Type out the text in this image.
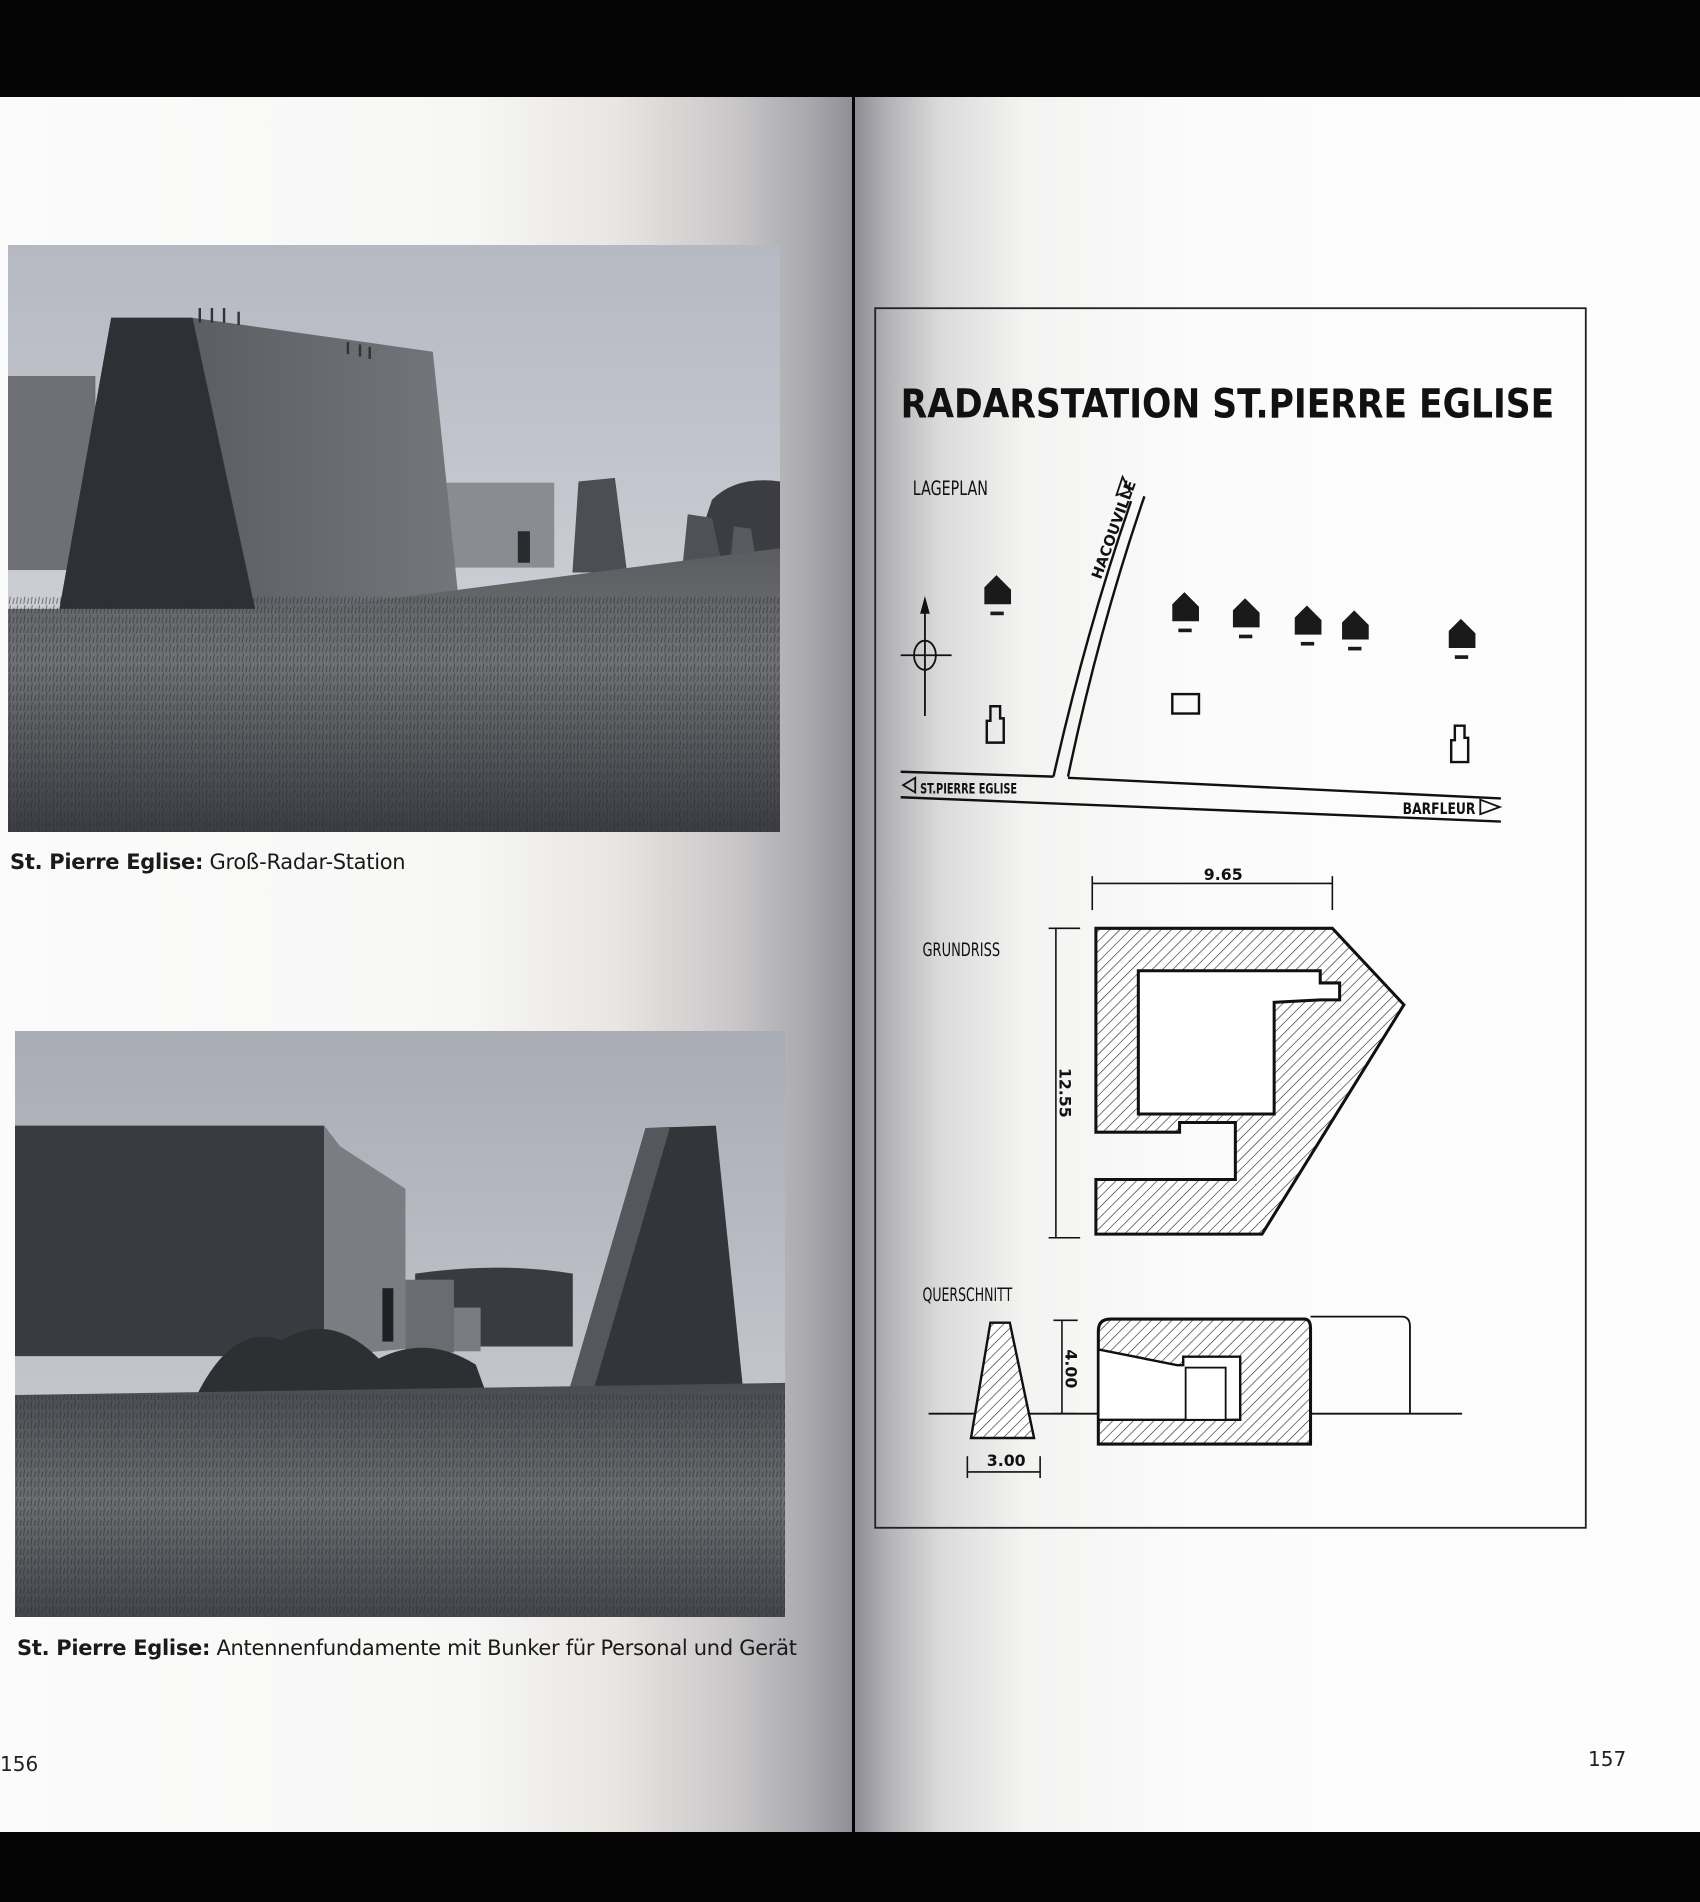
St. Pierre Eglise: Groß-Radar-Station
St. Pierre Eglise: Antennenfundamente mit Bunker für Personal und Gerät
156	157
RADARSTATION ST.PIERRE EGLISE
LAGEPLAN	HACOUVILLE
ST.PIERRE EGLISE
BARFLEUR
GRUNDRISS
9.65
12.55
QUERSCHNITT
3.00
4.00
